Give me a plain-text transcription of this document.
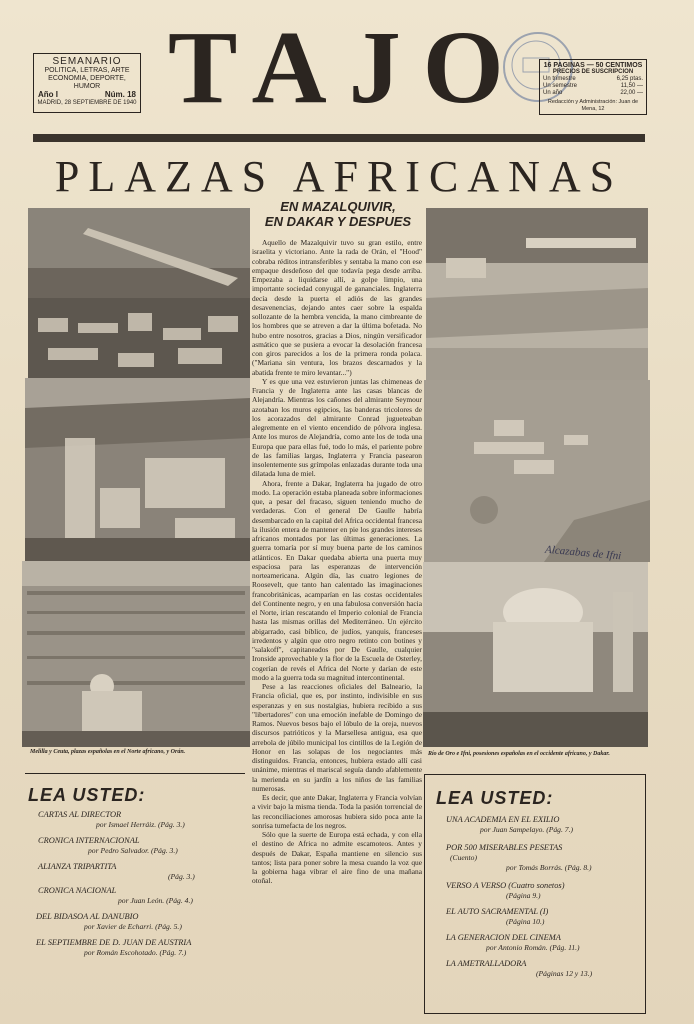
SEMANARIO
POLITICA, LETRAS, ARTE
ECONOMIA, DEPORTE, HUMOR
Año I	Núm. 18
MADRID, 28 SEPTIEMBRE DE 1940 TAJO	16 PAGINAS — 50 CENTIMOS
PRECIOS DE SUSCRIPCION
Un trimestre	6,25 ptas.
Un semestre	11,50 —
Un año	22,00 —
Redacción y Administración: Juan de Mena, 12
PLAZAS AFRICANAS
Melilla y Ceuta, plazas españolas en el Norte africano, y Orán.
EN MAZALQUIVIR,
EN DAKAR Y DESPUES

Aquello de Mazalquivir tuvo su gran estilo, entre israelita y victoriano. Ante la rada de Orán, el "Hood" cobraba réditos intransferibles y sentaba la mano con ese empaque desdeñoso del que todavía pega desde arriba. Empezaba a liquidarse allí, a golpe limpio, una importante sociedad conyugal de gananciales. Inglaterra decía desde la puerta el adiós de las grandes desavenencias, dejando antes caer sobre la espalda sollozante de la hembra vencida, la mano cimbreante de los hombres que se atreven a dar la última bofetada. No hubo entre nosotros, gracias a Dios, ningún versificador asmático que se pusiera a evocar la desolación francesa con giros parecidos a los de la primera ronda polaca. ("Mariana sin ventura, los brazos descarnados y la abatida frente te miro levantar...")

Y es que una vez estuvieron juntas las chimeneas de Francia y de Inglaterra ante las casas blancas de Alejandría. Mientras los cañones del almirante Seymour azotaban los muros egipcios, las banderas tricolores de los acorazados del almirante Conrad jugueteaban alegremente en el viento encendido de pólvora inglesa. Ante los muros de Alejandría, como ante los de toda una Europa que para ellas fué, todo lo más, el pariente pobre de las familias largas, Inglaterra y Francia pasearon insolentemente sus grímpolas enlazadas durante toda una dilatada luna de miel.

Ahora, frente a Dakar, Inglaterra ha jugado de otro modo. La operación estaba planeada sobre informaciones que, a pesar del fracaso, siguen teniendo mucho de verdaderas. Con el general De Gaulle habría desembarcado en la capital del Africa occidental francesa la ilusión entera de mantener en pie los grandes intereses africanos montados por las últimas generaciones. La guerra tomaría por sí muy buena parte de los caminos atlánticos. En Dakar quedaba abierta una puerta muy espaciosa para las esperanzas de intervención norteamericana. Algún día, las cuatro legiones de Roosevelt, que tanto han calentado las imaginaciones francobritánicas, acamparían en las costas occidentales del Continente negro, y en una fabulosa conversión hacia el Norte, irían rescatando el Imperio colonial de Francia hasta las mismas orillas del Mediterráneo. Un ejército abigarrado, casi bíblico, de judíos, yanquis, franceses irredentos y algún que otro negro retinto con botines y "salakoff", capitaneados por De Gaulle, cualquier Ironside aprovechable y la flor de la Escuela de Osterley, cogerían de revés el Africa del Norte y darían de este modo a la guerra toda su magnitud intercontinental.

Pese a las reacciones oficiales del Balneario, la Francia oficial, que es, por instinto, indivisible en sus esperanzas y en sus nostalgias, hubiera recibido a sus "libertadores" con una emoción inefable de Domingo de Ramos. Nuevos besos bajo el lóbulo de la oreja, nuevos discursos patrióticos y la Marsellesa antigua, esa que arrebola de júbilo municipal los cintillos de la Legión de Honor en las solapas de los negociantes más distinguidos. Francia, entonces, hubiera estado allí casi unánime, mientras el mariscal seguía dando afablemente la merienda en su jardín a los niños de las familias numerosas.

Es decir, que ante Dakar, Inglaterra y Francia volvían a vivir bajo la misma tienda. Toda la pasión torrencial de las reconciliaciones amorosas hubiera sido poca ante la sonrisa tumefacta de los negros.

Sólo que la suerte de Europa está echada, y con ella el destino de Africa no admite escamoteos. Antes y después de Dakar, España mantiene en silencio sus tantos; lista para poner sobre la mesa cuando la voz que la gobierna haga vibrar el aire fino de una mañana otoñal.

Alcazabas de Ifni
Río de Oro e Ifni, posesiones españolas en el occidente africano, y Dakar.
LEA USTED:
CARTAS AL DIRECTOR
por Ismael Herráiz. (Pág. 3.)
CRONICA INTERNACIONAL
por Pedro Salvador. (Pág. 3.)
ALIANZA TRIPARTITA
(Pág. 3.)
CRONICA NACIONAL
por Juan León. (Pág. 4.)
DEL BIDASOA AL DANUBIO
por Xavier de Echarri. (Pág. 5.)
EL SEPTIEMBRE DE D. JUAN DE AUSTRIA
por Román Escohotado. (Pág. 7.)
LEA USTED:
UNA ACADEMIA EN EL EXILIO
por Juan Sampelayo. (Pág. 7.)
POR 500 MISERABLES PESETAS
(Cuento)
por Tomás Borrás. (Pág. 8.)
VERSO A VERSO (Cuatro sonetos)
(Página 9.)
EL AUTO SACRAMENTAL (I)
(Página 10.)
LA GENERACION DEL CINEMA
por Antonio Román. (Pág. 11.)
LA AMETRALLADORA
(Páginas 12 y 13.)
